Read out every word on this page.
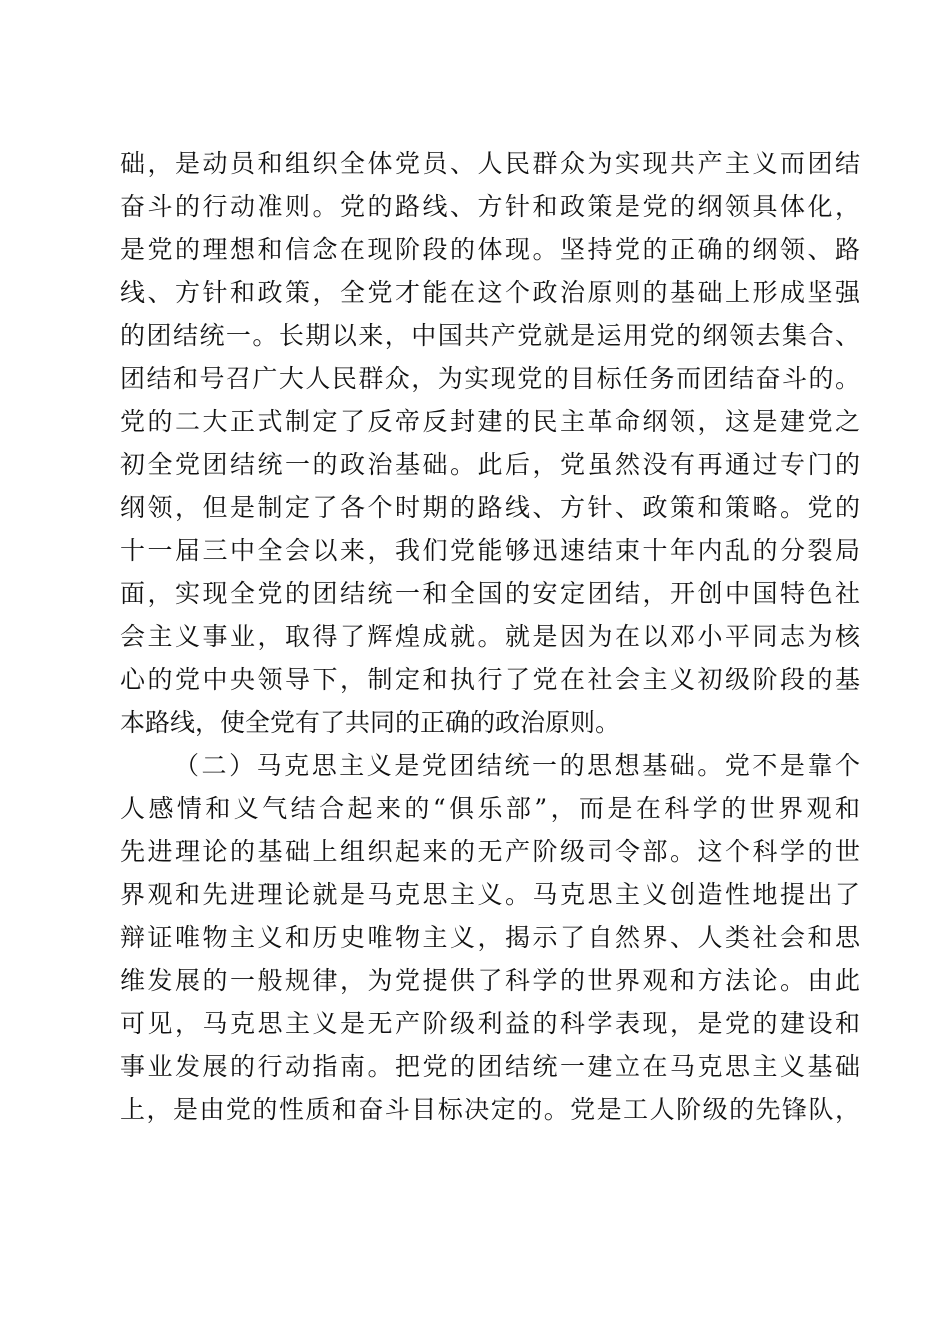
础，是动员和组织全体党员、人民群众为实现共产主义而团结
奋斗的行动准则。党的路线、方针和政策是党的纲领具体化，
是党的理想和信念在现阶段的体现。坚持党的正确的纲领、路
线、方针和政策，全党才能在这个政治原则的基础上形成坚强
的团结统一。长期以来，中国共产党就是运用党的纲领去集合、
团结和号召广大人民群众，为实现党的目标任务而团结奋斗的。
党的二大正式制定了反帝反封建的民主革命纲领，这是建党之
初全党团结统一的政治基础。此后，党虽然没有再通过专门的
纲领，但是制定了各个时期的路线、方针、政策和策略。党的
十一届三中全会以来，我们党能够迅速结束十年内乱的分裂局
面，实现全党的团结统一和全国的安定团结，开创中国特色社
会主义事业，取得了辉煌成就。就是因为在以邓小平同志为核
心的党中央领导下，制定和执行了党在社会主义初级阶段的基
本路线，使全党有了共同的正确的政治原则。
（二）马克思主义是党团结统一的思想基础。党不是靠个
人感情和义气结合起来的“俱乐部”，而是在科学的世界观和
先进理论的基础上组织起来的无产阶级司令部。这个科学的世
界观和先进理论就是马克思主义。马克思主义创造性地提出了
辩证唯物主义和历史唯物主义，揭示了自然界、人类社会和思
维发展的一般规律，为党提供了科学的世界观和方法论。由此
可见，马克思主义是无产阶级利益的科学表现，是党的建设和
事业发展的行动指南。把党的团结统一建立在马克思主义基础
上，是由党的性质和奋斗目标决定的。党是工人阶级的先锋队，
